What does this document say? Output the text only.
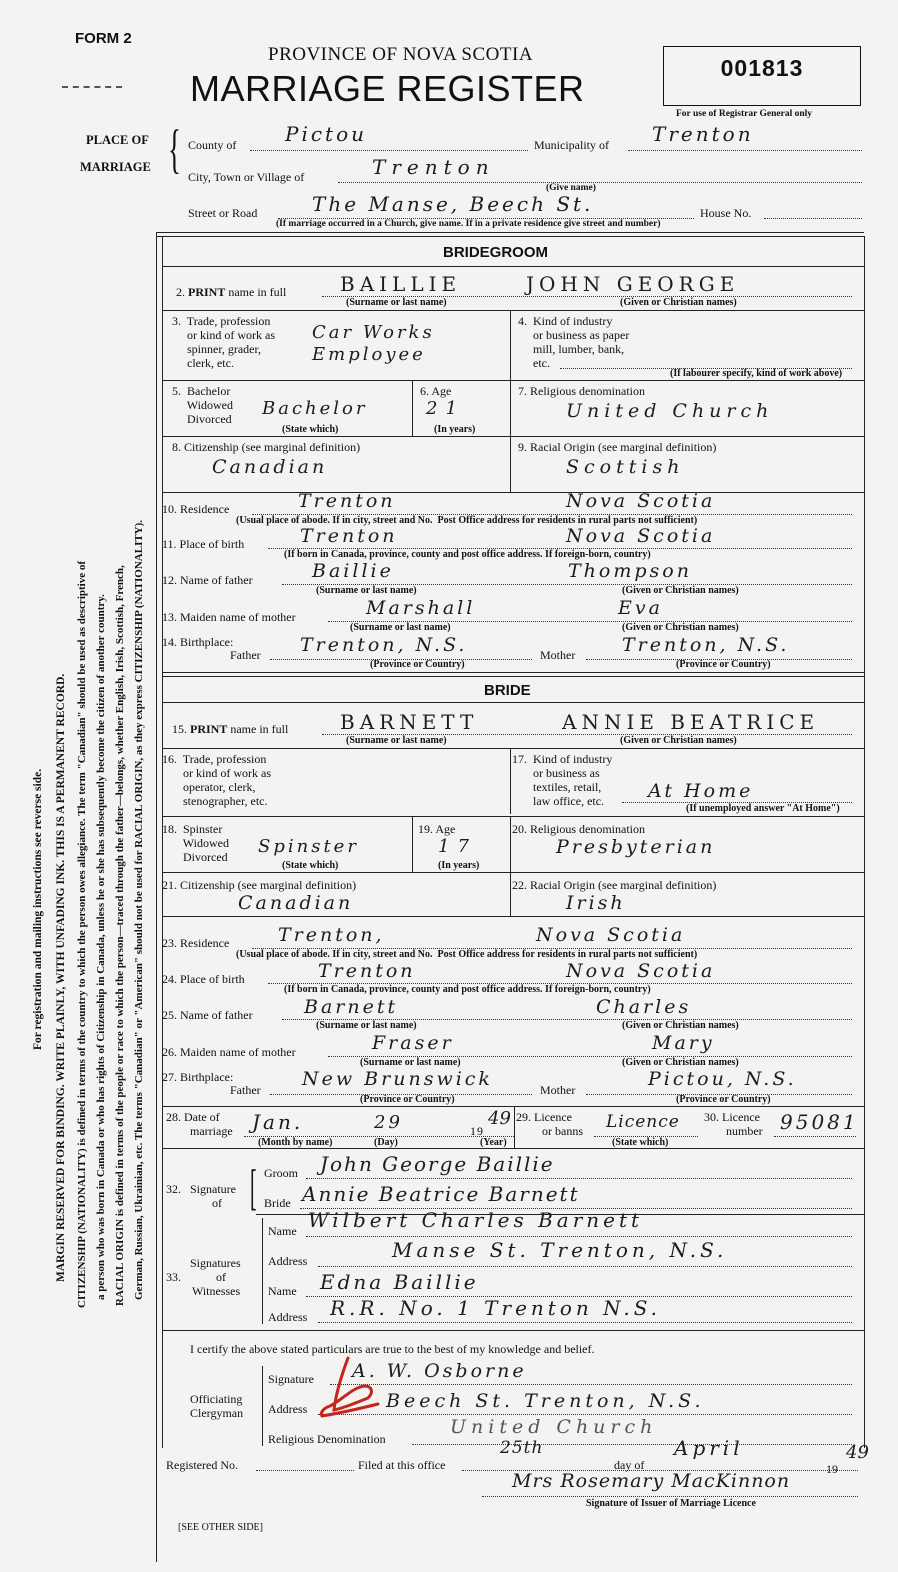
For registration and mailing instructions see reverse side. MARGIN RESERVED FOR BINDING. WRITE PLAINLY, WITH UNFADING INK. THIS IS A PERMANENT RECORD. CITIZENSHIP (NATIONALITY) is defined in terms of the country to which the person owes allegiance. The term "Canadian" should be used as descriptive of a person who was born in Canada or who has rights of Citizenship in Canada, unless he or she has subsequently become the citizen of another country. RACIAL ORIGIN is defined in terms of the people or race to which the person—traced through the father—belongs, whether English, Irish, Scottish, French, German, Russian, Ukrainian, etc. The terms "Canadian" or "American" should not be used for RACIAL ORIGIN, as they express CITIZENSHIP (NATIONALITY).
FORM 2
PROVINCE OF NOVA SCOTIA
MARRIAGE REGISTER	001813
For use of Registrar General only
PLACE OF
MARRIAGE { County of Pictou	Municipality of Trenton
City, Town or Village of	Trenton
(Give name)
Street or Road	The Manse, Beech St.	House No.
(If marriage occurred in a Church, give name. If in a private residence give street and number)
BRIDEGROOM
2. PRINT name in full	BAILLIE	JOHN GEORGE
(Surname or last name)	(Given or Christian names)
3.  Trade, profession
or kind of work as
spinner, grader,
clerk, etc.
Car Works
Employee
4.  Kind of industry
or business as paper
mill, lumber, bank,
etc.
(If labourer specify, kind of work above)
5.  Bachelor
Widowed
Divorced Bachelor
(State which)
6. Age
21
(In years)
7. Religious denomination
United Church
8. Citizenship (see marginal definition)
Canadian
9. Racial Origin (see marginal definition)
Scottish
10. Residence	Trenton	Nova Scotia
(Usual place of abode. If in city, street and No. Post Office address for residents in rural parts not sufficient)
11. Place of birth	Trenton	Nova Scotia
(If born in Canada, province, county and post office address. If foreign-born, country)
12. Name of father	Baillie	Thompson
(Surname or last name)	(Given or Christian names)
13. Maiden name of mother	Marshall	Eva
(Surname or last name)	(Given or Christian names)
14. Birthplace:
Father Trenton, N.S.	Mother Trenton, N.S.
(Province or Country)	(Province or Country)
BRIDE
15. PRINT name in full	BARNETT	ANNIE BEATRICE
(Surname or last name)	(Given or Christian names)
16.  Trade, profession
or kind of work as
operator, clerk,
stenographer, etc.
17.  Kind of industry
or business as
textiles, retail,
law office, etc.	At Home
(If unemployed answer "At Home")
18.  Spinster
Widowed
Divorced Spinster
(State which)
19. Age
17
(In years)
20. Religious denomination
Presbyterian
21. Citizenship (see marginal definition)
Canadian
22. Racial Origin (see marginal definition)
Irish
23. Residence	Trenton,	Nova Scotia
(Usual place of abode. If in city, street and No. Post Office address for residents in rural parts not sufficient)
24. Place of birth	Trenton	Nova Scotia
(If born in Canada, province, county and post office address. If foreign-born, country)
25. Name of father	Barnett	Charles
(Surname or last name)	(Given or Christian names)
26. Maiden name of mother	Fraser	Mary
(Surname or last name)	(Given or Christian names)
27. Birthplace:
Father New Brunswick	Mother	Pictou, N.S.
(Province or Country)	(Province or Country)
28. Date of
marriage Jan.	29	19
49
(Month by name)	(Day)	(Year)
29. Licence
or banns Licence
(State which)
30. Licence
number 95081
32. Signature
of [ Groom John George Baillie
Bride Annie Beatrice Barnett
33.
Signatures
of
Witnesses
Name Wilbert Charles Barnett
Address	Manse St. Trenton, N.S.
Name Edna Baillie
Address R.R. No. 1 Trenton N.S.
I certify the above stated particulars are true to the best of my knowledge and belief.
Officiating
Clergyman
Signature A. W. Osborne
Address	Beech St. Trenton, N.S.
Religious Denomination
United Church
Registered No.	Filed at this office
25th
day of
April
19
49
Mrs Rosemary MacKinnon
Signature of Issuer of Marriage Licence
[SEE OTHER SIDE]
